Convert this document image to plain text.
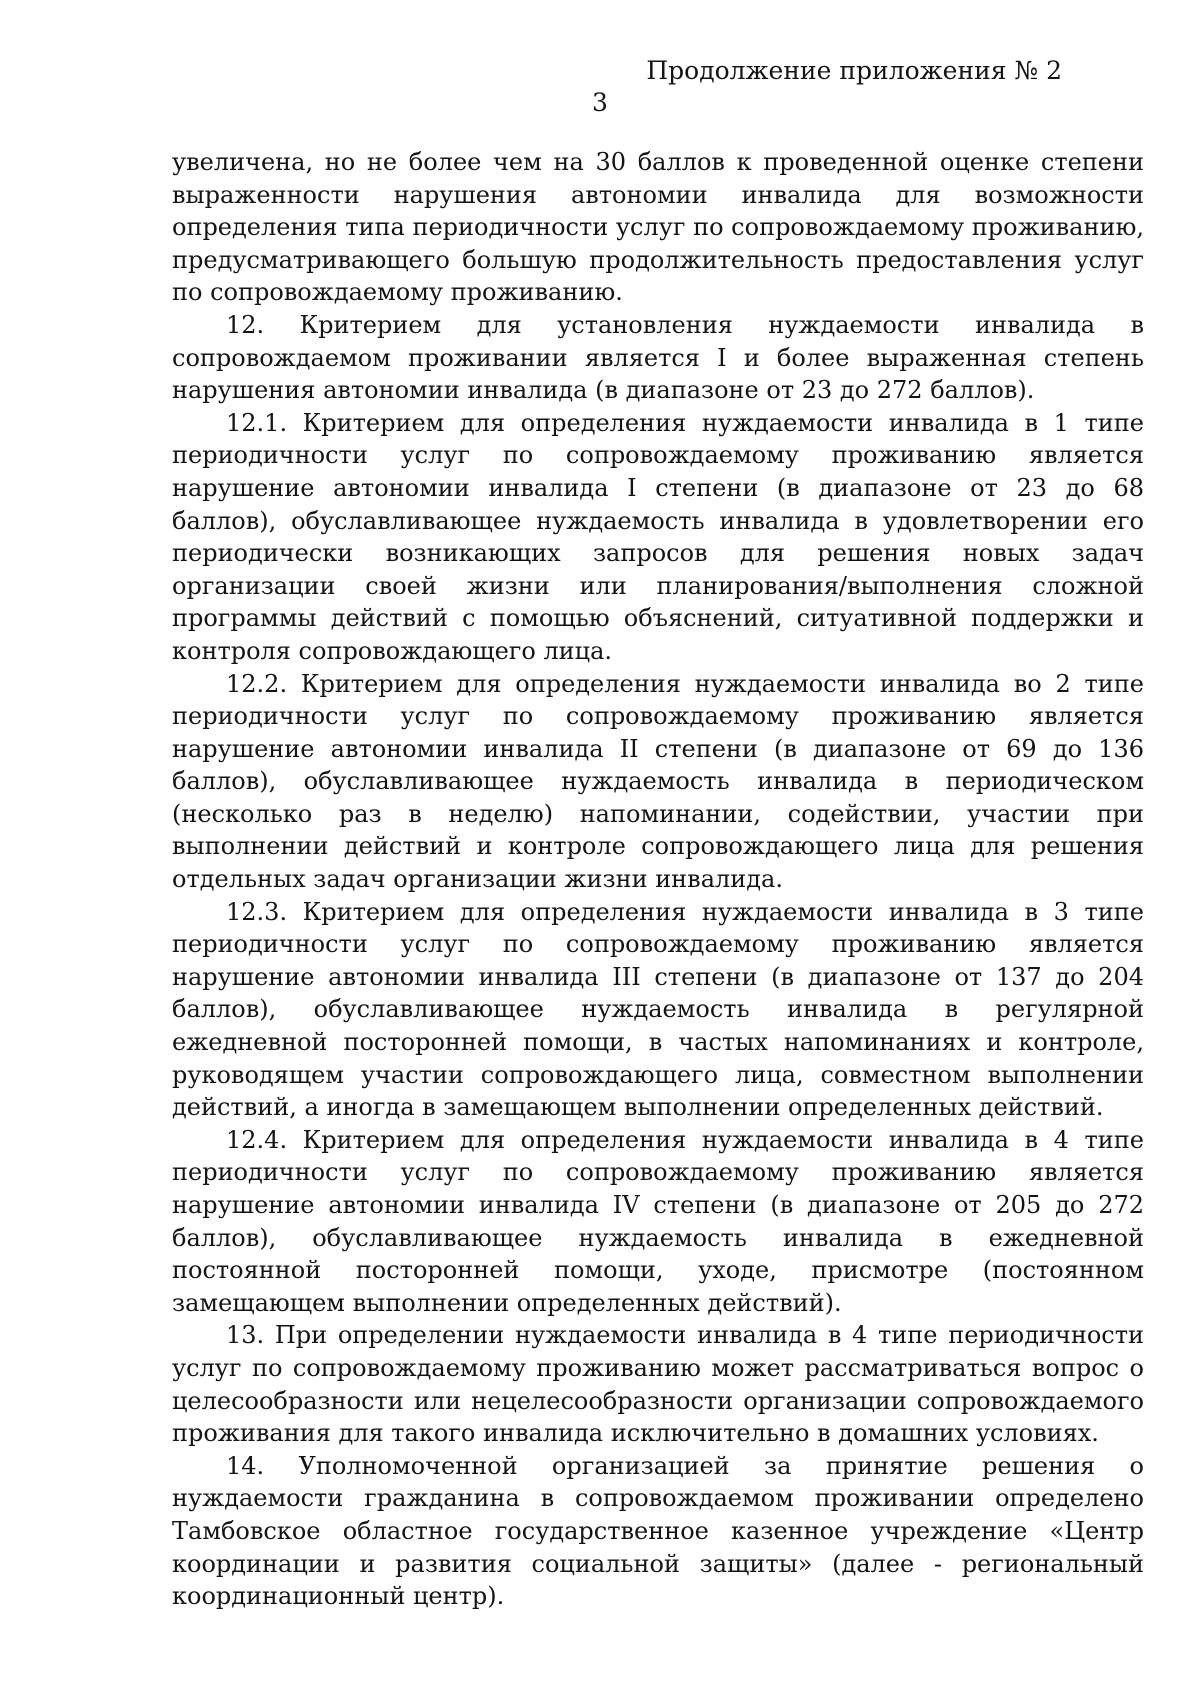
Продолжение приложения № 2
3

увеличена, но не более чем на 30 баллов к проведенной оценке степени выраженности нарушения автономии инвалида для возможности определения типа периодичности услуг по сопровождаемому проживанию, предусматривающего большую продолжительность предоставления услуг по сопровождаемому проживанию.

12. Критерием для установления нуждаемости инвалида в сопровождаемом проживании является I и более выраженная степень нарушения автономии инвалида (в диапазоне от 23 до 272 баллов).

12.1. Критерием для определения нуждаемости инвалида в 1 типе периодичности услуг по сопровождаемому проживанию является нарушение автономии инвалида I степени (в диапазоне от 23 до 68 баллов), обуславливающее нуждаемость инвалида в удовлетворении его периодически возникающих запросов для решения новых задач организации своей жизни или планирования/выполнения сложной программы действий с помощью объяснений, ситуативной поддержки и контроля сопровождающего лица.

12.2. Критерием для определения нуждаемости инвалида во 2 типе периодичности услуг по сопровождаемому проживанию является нарушение автономии инвалида II степени (в диапазоне от 69 до 136 баллов), обуславливающее нуждаемость инвалида в периодическом (несколько раз в неделю) напоминании, содействии, участии при выполнении действий и контроле сопровождающего лица для решения отдельных задач организации жизни инвалида.

12.3. Критерием для определения нуждаемости инвалида в 3 типе периодичности услуг по сопровождаемому проживанию является нарушение автономии инвалида III степени (в диапазоне от 137 до 204 баллов), обуславливающее нуждаемость инвалида в регулярной ежедневной посторонней помощи, в частых напоминаниях и контроле, руководящем участии сопровождающего лица, совместном выполнении действий, а иногда в замещающем выполнении определенных действий.

12.4. Критерием для определения нуждаемости инвалида в 4 типе периодичности услуг по сопровождаемому проживанию является нарушение автономии инвалида IV степени (в диапазоне от 205 до 272 баллов), обуславливающее нуждаемость инвалида в ежедневной постоянной посторонней помощи, уходе, присмотре (постоянном замещающем выполнении определенных действий).

13. При определении нуждаемости инвалида в 4 типе периодичности услуг по сопровождаемому проживанию может рассматриваться вопрос о целесообразности или нецелесообразности организации сопровождаемого проживания для такого инвалида исключительно в домашних условиях.

14. Уполномоченной организацией за принятие решения о нуждаемости гражданина в сопровождаемом проживании определено Тамбовское областное государственное казенное учреждение «Центр координации и развития социальной защиты» (далее - региональный координационный центр).
